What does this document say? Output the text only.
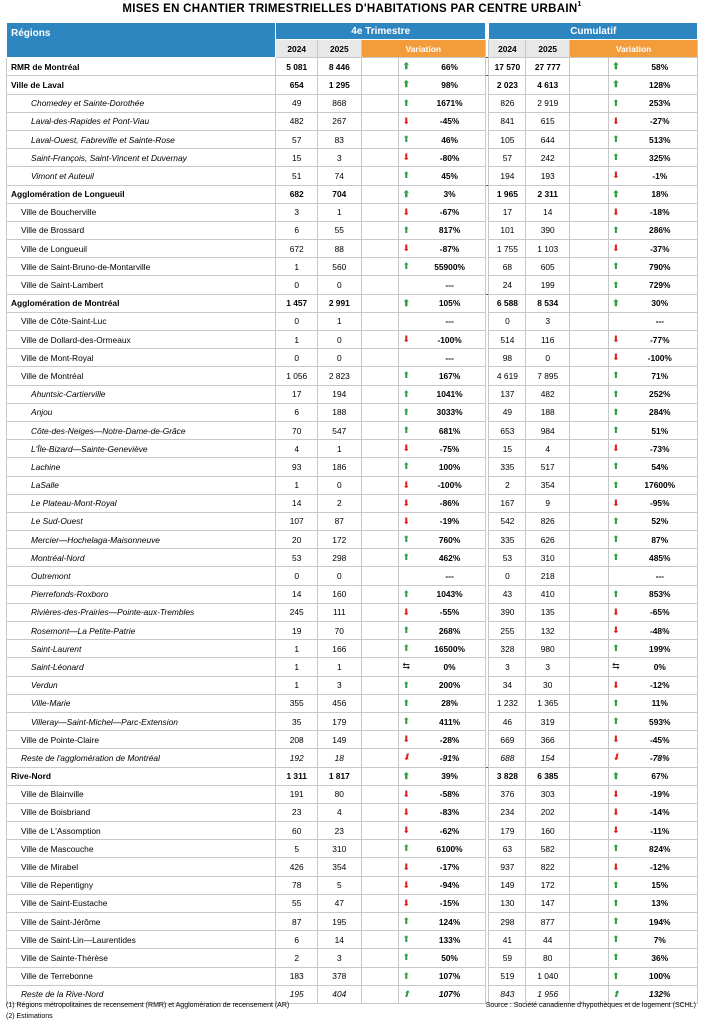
MISES EN CHANTIER TRIMESTRIELLES D'HABITATIONS PAR CENTRE URBAIN$^1$
Régions	4e Trimestre						Cumulatif				
	2024	2025	Variation				2024	2025	Variation		
RMR de Montréal	5 081	8 446		⬆	66%		17 570	27 777		⬆	58%
Ville de Laval	654	1 295		⬆	98%		2 023	4 613		⬆	128%
Chomedey et Sainte-Dorothée	49	868		⬆	1671%		826	2 919		⬆	253%
Laval-des-Rapides et Pont-Viau	482	267		⬇	-45%		841	615		⬇	-27%
Laval-Ouest, Fabreville et Sainte-Rose	57	83		⬆	46%		105	644		⬆	513%
Saint-François, Saint-Vincent et Duvernay	15	3		⬇	-80%		57	242		⬆	325%
Vimont et Auteuil	51	74		⬆	45%		194	193		⬇	-1%
Agglomération de Longueuil	682	704		⬆	3%		1 965	2 311		⬆	18%
Ville de Boucherville	3	1		⬇	-67%		17	14		⬇	-18%
Ville de Brossard	6	55		⬆	817%		101	390		⬆	286%
Ville de Longueuil	672	88		⬇	-87%		1 755	1 103		⬇	-37%
Ville de Saint-Bruno-de-Montarville	1	560		⬆	55900%		68	605		⬆	790%
Ville de Saint-Lambert	0	0			---		24	199		⬆	729%
Agglomération de Montréal	1 457	2 991		⬆	105%		6 588	8 534		⬆	30%
Ville de Côte-Saint-Luc	0	1			---		0	3			---
Ville de Dollard-des-Ormeaux	1	0		⬇	-100%		514	116		⬇	-77%
Ville de Mont-Royal	0	0			---		98	0		⬇	-100%
Ville de Montréal	1 056	2 823		⬆	167%		4 619	7 895		⬆	71%
Ahuntsic-Cartierville	17	194		⬆	1041%		137	482		⬆	252%
Anjou	6	188		⬆	3033%		49	188		⬆	284%
Côte-des-Neiges—Notre-Dame-de-Grâce	70	547		⬆	681%		653	984		⬆	51%
L'Île-Bizard—Sainte-Geneviève	4	1		⬇	-75%		15	4		⬇	-73%
Lachine	93	186		⬆	100%		335	517		⬆	54%
LaSalle	1	0		⬇	-100%		2	354		⬆	17600%
Le Plateau-Mont-Royal	14	2		⬇	-86%		167	9		⬇	-95%
Le Sud-Ouest	107	87		⬇	-19%		542	826		⬆	52%
Mercier—Hochelaga-Maisonneuve	20	172		⬆	760%		335	626		⬆	87%
Montréal-Nord	53	298		⬆	462%		53	310		⬆	485%
Outremont	0	0			---		0	218			---
Pierrefonds-Roxboro	14	160		⬆	1043%		43	410		⬆	853%
Rivières-des-Prairies—Pointe-aux-Trembles	245	111		⬇	-55%		390	135		⬇	-65%
Rosemont—La Petite-Patrie	19	70		⬆	268%		255	132		⬇	-48%
Saint-Laurent	1	166		⬆	16500%		328	980		⬆	199%
Saint-Léonard	1	1		⇆	0%		3	3		⇆	0%
Verdun	1	3		⬆	200%		34	30		⬇	-12%
Ville-Marie	355	456		⬆	28%		1 232	1 365		⬆	11%
Villeray—Saint-Michel—Parc-Extension	35	179		⬆	411%		46	319		⬆	593%
Ville de Pointe-Claire	208	149		⬇	-28%		669	366		⬇	-45%
Reste de l'agglomération de Montréal	192	18		⬇	-91%		688	154		⬇	-78%
Rive-Nord	1 311	1 817		⬆	39%		3 828	6 385		⬆	67%
Ville de Blainville	191	80		⬇	-58%		376	303		⬇	-19%
Ville de Boisbriand	23	4		⬇	-83%		234	202		⬇	-14%
Ville de L'Assomption	60	23		⬇	-62%		179	160		⬇	-11%
Ville de Mascouche	5	310		⬆	6100%		63	582		⬆	824%
Ville de Mirabel	426	354		⬇	-17%		937	822		⬇	-12%
Ville de Repentigny	78	5		⬇	-94%		149	172		⬆	15%
Ville de Saint-Eustache	55	47		⬇	-15%		130	147		⬆	13%
Ville de Saint-Jérôme	87	195		⬆	124%		298	877		⬆	194%
Ville de Saint-Lin—Laurentides	6	14		⬆	133%		41	44		⬆	7%
Ville de Sainte-Thérèse	2	3		⬆	50%		59	80		⬆	36%
Ville de Terrebonne	183	378		⬆	107%		519	1 040		⬆	100%
Reste de la Rive-Nord	195	404		⬆	107%		843	1 956		⬆	132%
(1) Régions métropolitaines de recensement (RMR) et Agglomération de recensement (AR)
(2) Estimations
Source : Société canadienne d'hypothèques et de logement (SCHL)
